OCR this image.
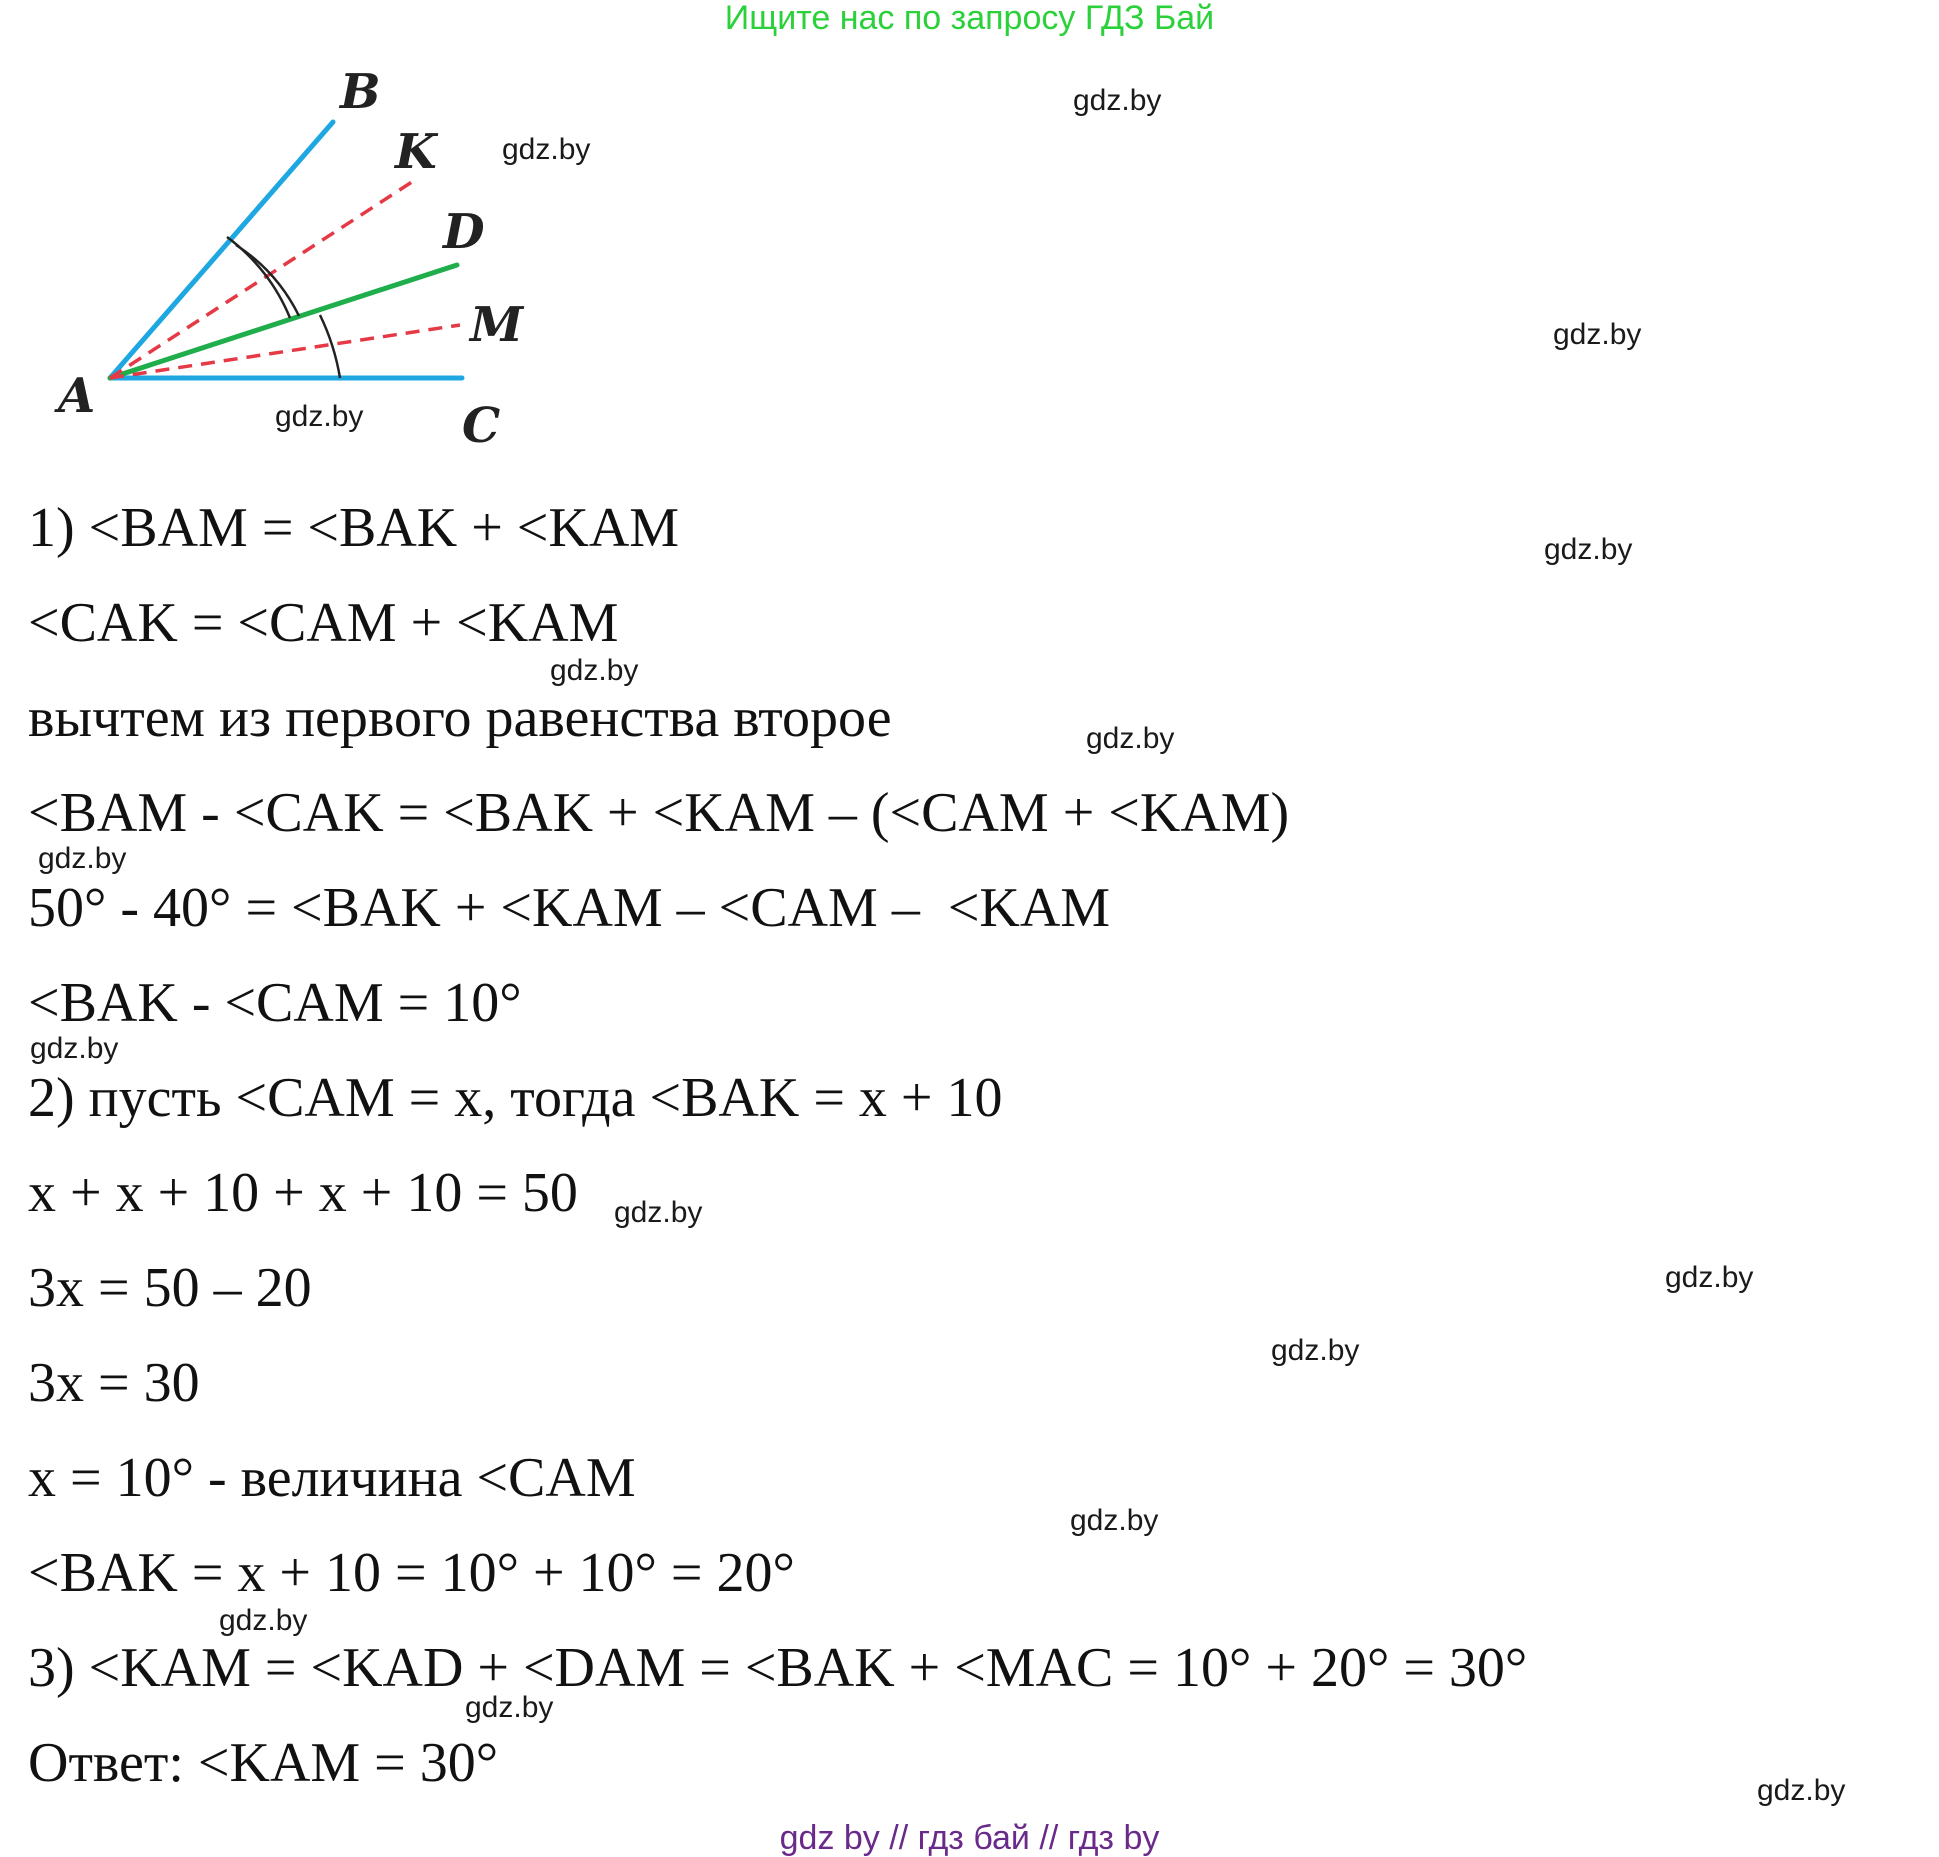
Ищите нас по запросу ГДЗ Бай
B
K
D
M
A
C
1) <BAM = <BAK + <KAM
<CAK = <CAM + <KAM
вычтем из первого равенства второе
<BAM - <CAK = <BAK + <KAM – (<CAM + <KAM)
50° - 40° = <BAK + <KAM – <CAM –  <KAM
<BAK - <CAM = 10°
2) пусть <CAM = x, тогда <BAK = x + 10
x + x + 10 + x + 10 = 50
3x = 50 – 20
3x = 30
x = 10° - величина <CAM
<BAK = x + 10 = 10° + 10° = 20°
3) <KAM = <KAD + <DAM = <BAK + <MAC = 10° + 20° = 30°
Ответ: <KAM = 30°
gdz.by
gdz.by
gdz.by
gdz.by
gdz.by
gdz.by
gdz.by
gdz.by
gdz.by
gdz.by
gdz.by
gdz.by
gdz.by
gdz.by
gdz.by
gdz.by
gdz by // гдз бай // гдз by
